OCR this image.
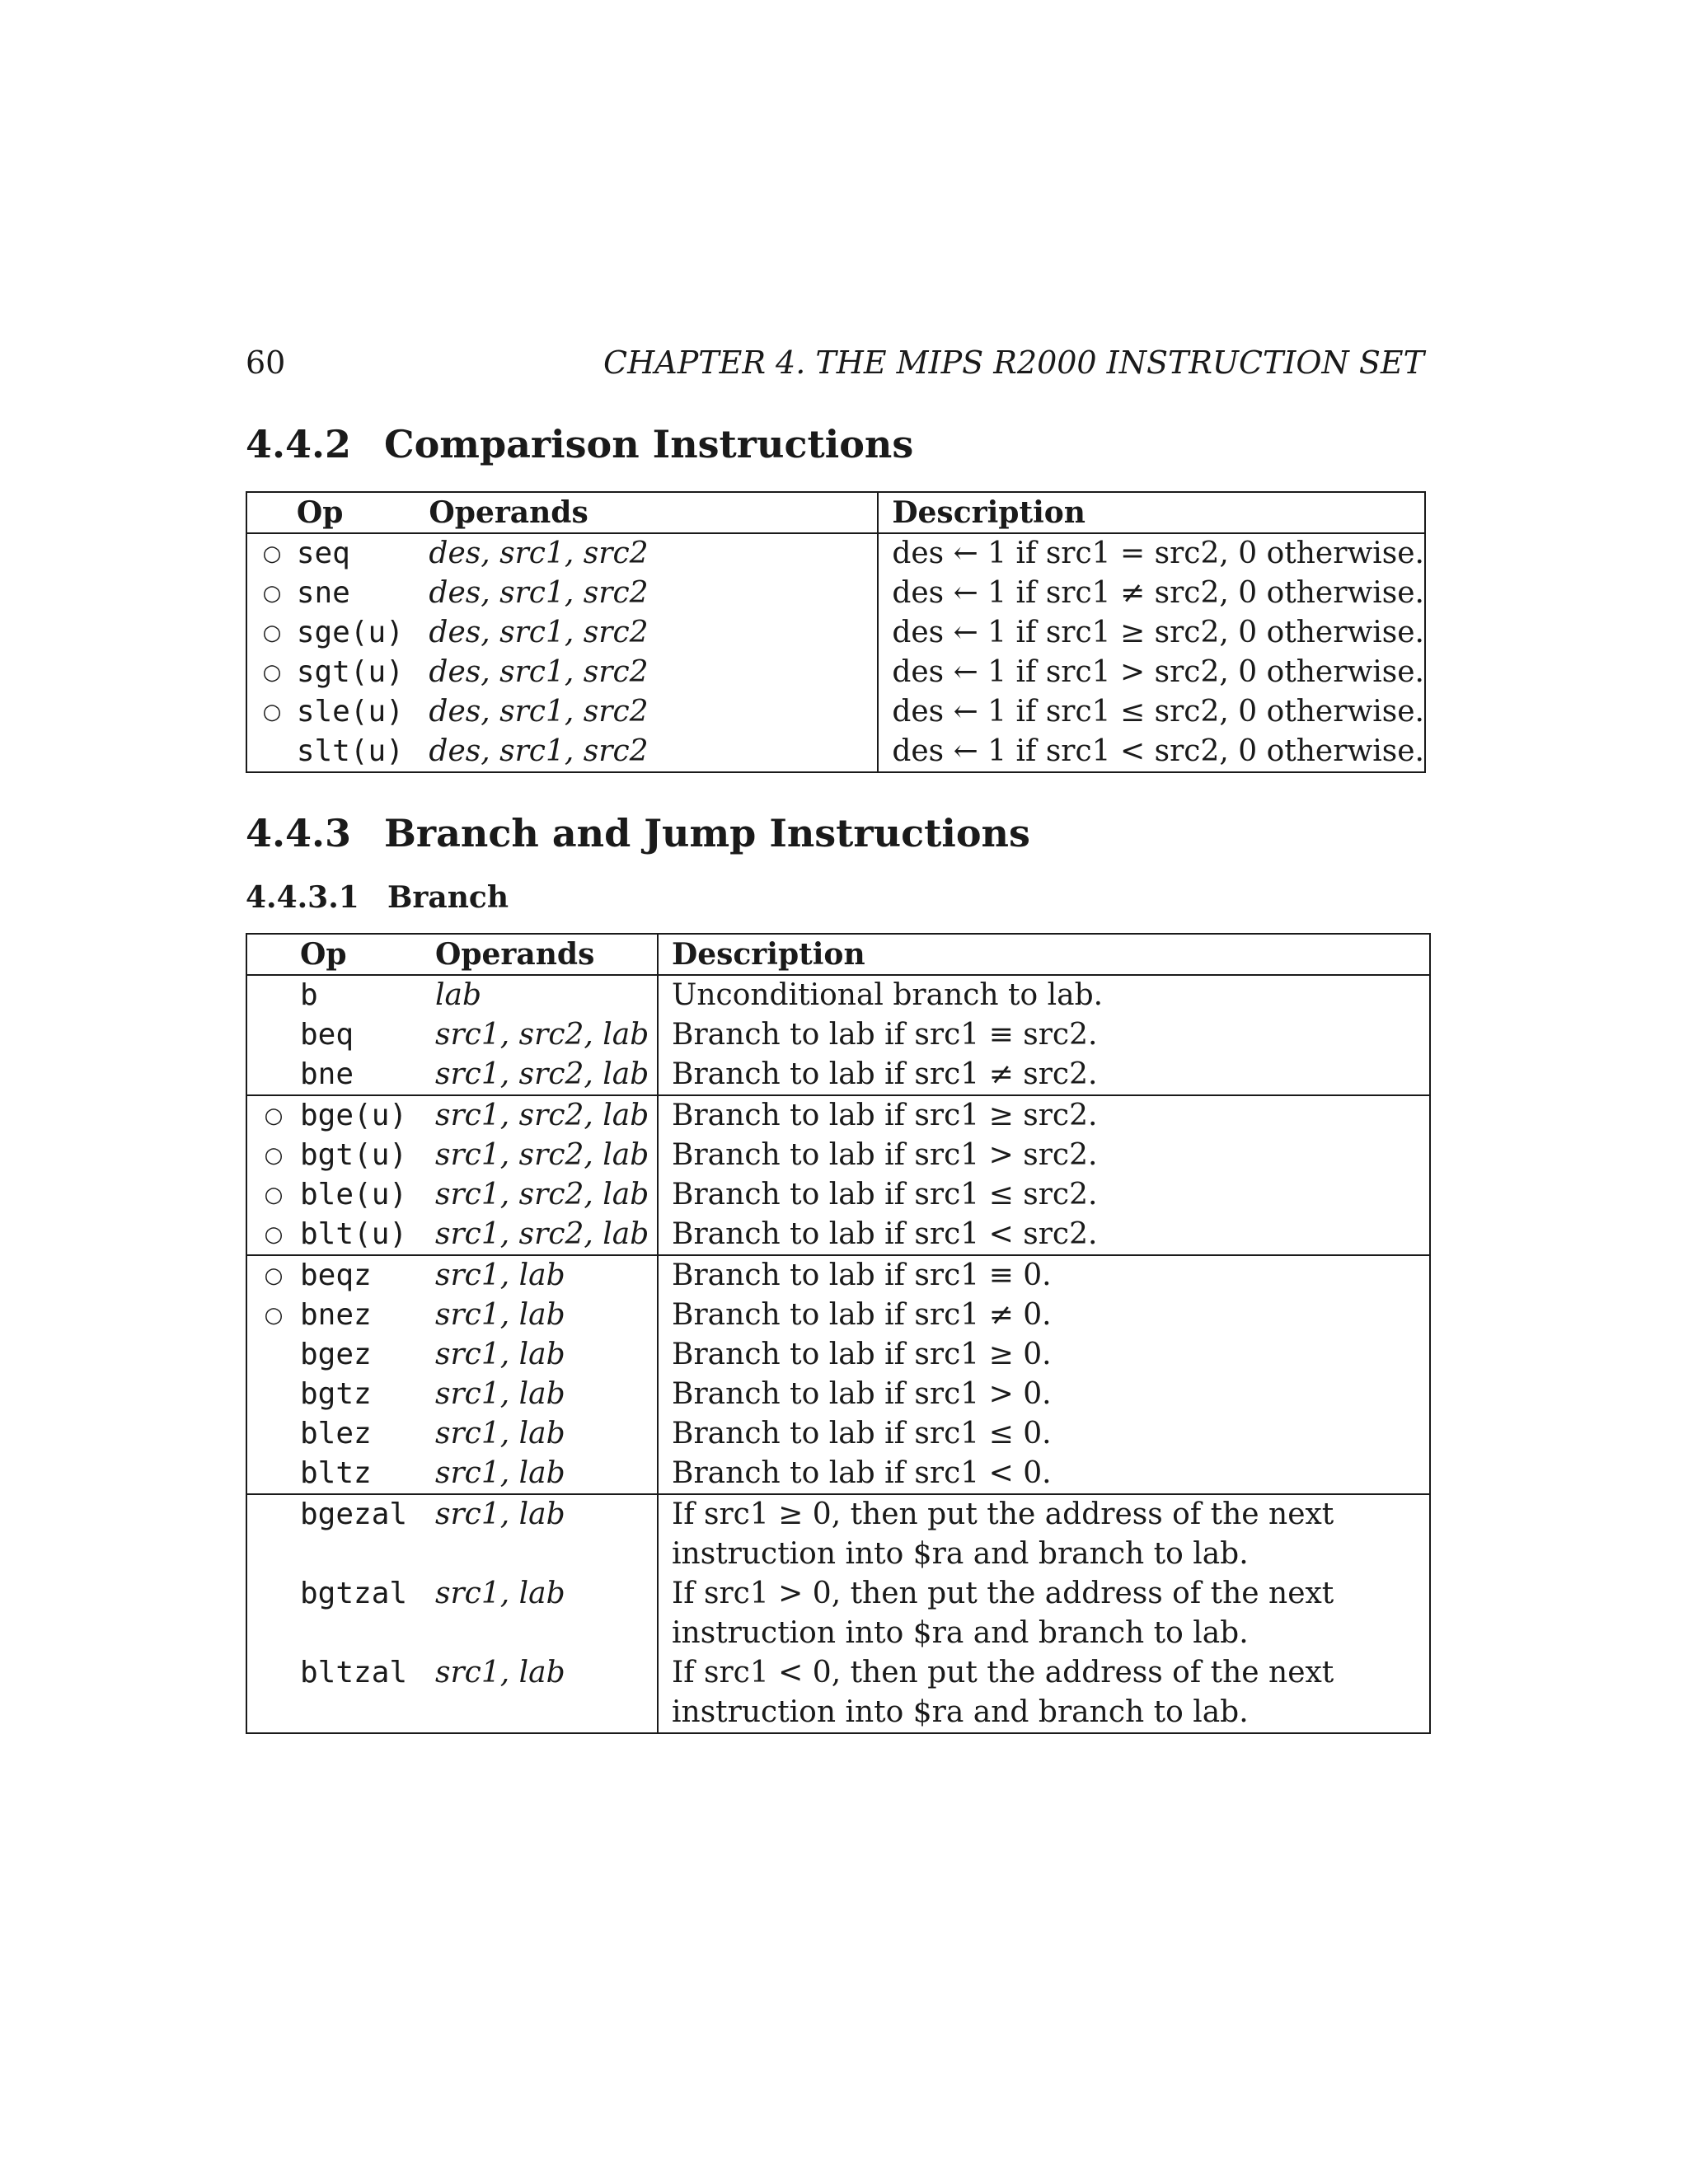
60	CHAPTER 4. THE MIPS R2000 INSTRUCTION SET
4.4.2 Comparison Instructions
	Op	Operands	Description
○	seq	des, src1, src2	des ← 1 if src1 = src2, 0 otherwise.
○	sne	des, src1, src2	des ← 1 if src1 ≠ src2, 0 otherwise.
○	sge(u)	des, src1, src2	des ← 1 if src1 ≥ src2, 0 otherwise.
○	sgt(u)	des, src1, src2	des ← 1 if src1 > src2, 0 otherwise.
○	sle(u)	des, src1, src2	des ← 1 if src1 ≤ src2, 0 otherwise.
	slt(u)	des, src1, src2	des ← 1 if src1 < src2, 0 otherwise.
4.4.3 Branch and Jump Instructions
4.4.3.1 Branch
	Op	Operands	Description
	b	lab	Unconditional branch to lab.
	beq	src1, src2, lab	Branch to lab if src1 ≡ src2.
	bne	src1, src2, lab	Branch to lab if src1 ≠ src2.
○	bge(u)	src1, src2, lab	Branch to lab if src1 ≥ src2.
○	bgt(u)	src1, src2, lab	Branch to lab if src1 > src2.
○	ble(u)	src1, src2, lab	Branch to lab if src1 ≤ src2.
○	blt(u)	src1, src2, lab	Branch to lab if src1 < src2.
○	beqz	src1, lab	Branch to lab if src1 ≡ 0.
○	bnez	src1, lab	Branch to lab if src1 ≠ 0.
	bgez	src1, lab	Branch to lab if src1 ≥ 0.
	bgtz	src1, lab	Branch to lab if src1 > 0.
	blez	src1, lab	Branch to lab if src1 ≤ 0.
	bltz	src1, lab	Branch to lab if src1 < 0.
	bgezal	src1, lab	If src1 ≥ 0, then put the address of the next instruction into $ra and branch to lab.
	bgtzal	src1, lab	If src1 > 0, then put the address of the next instruction into $ra and branch to lab.
	bltzal	src1, lab	If src1 < 0, then put the address of the next instruction into $ra and branch to lab.
